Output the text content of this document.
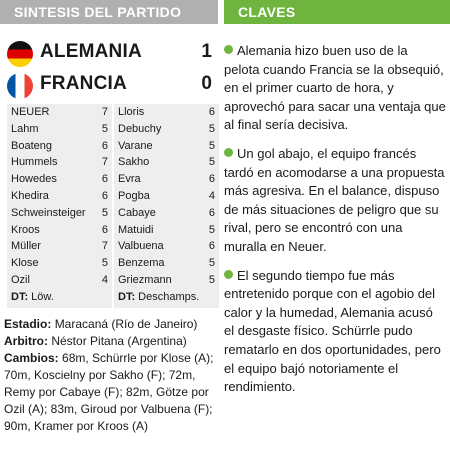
SINTESIS DEL PARTIDO
ALEMANIA	1
FRANCIA	0
NEUER	7
Lahm	5
Boateng	6
Hummels	7
Howedes	6
Khedira	6
Schweinsteiger 5
Kroos	6
Müller	7
Klose	5
Ozil	4
DT: Löw.
Lloris	6
Debuchy	5
Varane	5
Sakho	5
Evra	6
Pogba	4
Cabaye	6
Matuidi	5
Valbuena	6
Benzema	5
Griezmann	5
DT: Deschamps.
Estadio: Maracaná (Río de Janeiro)
Arbitro: Néstor Pitana (Argentina)
Cambios: 68m, Schürrle por Klose (A); 70m, Koscielny por Sakho (F); 72m, Remy por Cabaye (F); 82m, Götze por Ozil (A); 83m, Giroud por Valbuena (F); 90m, Kramer por Kroos (A)
CLAVES
Alemania hizo buen uso de la pelota cuando Francia se la obsequió, en el primer cuarto de hora, y aprovechó para sacar una ventaja que al final sería decisiva.
Un gol abajo, el equipo francés tardó en acomodarse a una propuesta más agresiva. En el balance, dispuso de más situaciones de peligro que su rival, pero se encontró con una muralla en Neuer.
El segundo tiempo fue más entretenido porque con el agobio del calor y la humedad, Alemania acusó el desgaste físico. Schürrle pudo rematarlo en dos oportunidades, pero el equipo bajó notoriamente el rendimiento.
